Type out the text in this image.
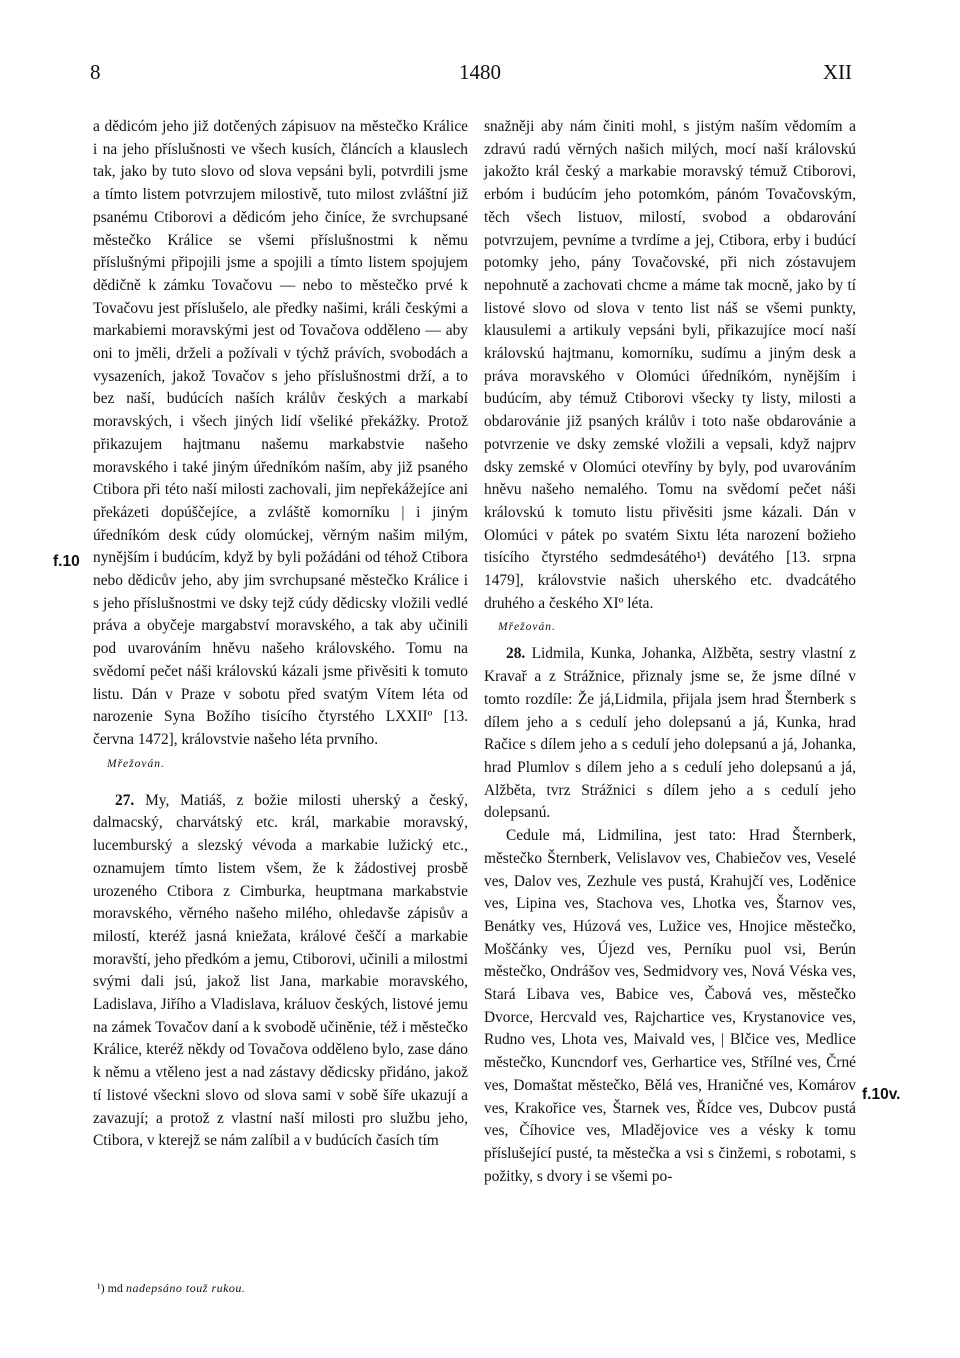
8	1480	XII
f.10
f.10v.

a dědicóm jeho již dotčených zápisuov na městečko Králice i na jeho příslušnosti ve všech kusích, článcích a klauslech tak, jako by tuto slovo od slova vepsáni byli, potvrdili jsme a tímto listem potvrzujem milostivě, tuto milost zvláštní již psanému Ctiborovi a dědicóm jeho činíce, že svrchupsané městečko Králice se všemi příslušnostmi k němu příslušnými připojili jsme a spojili a tímto listem spojujem dědičně k zámku Tovačovu — nebo to městečko prvé k Tovačovu jest příslušelo, ale předky našimi, králi českými a markabiemi moravskými jest od Tovačova odděleno — aby oni to jměli, drželi a požívali v týchž právích, svobodách a vysazeních, jakož Tovačov s jeho příslušnostmi drží, a to bez naší, budúcích naších králův českých a markabí moravských, i všech jiných lidí všeliké překážky. Protož přikazujem hajtmanu našemu markabstvie našeho moravského i také jiným úředníkóm naším, aby již psaného Ctibora při této naší milosti zachovali, jim nepřekážejíce ani překázeti dopúščejíce, a zvláště komorníku | i jiným úředníkóm desk cúdy olomúckej, věrným našim milým, nynějším i budúcím, když by byli požádáni od téhož Ctibora nebo dědicův jeho, aby jim svrchupsané městečko Králice i s jeho příslušnostmi ve dsky tejž cúdy dědicsky vložili vedlé práva a obyčeje margabství moravského, a tak aby učinili pod uvarováním hněvu našeho královského. Tomu na svědomí pečet náši královskú kázali jsme přivěsiti k tomuto listu. Dán v Praze v sobotu před svatým Vítem léta od narozenie Syna Božího tisícího čtyrstého LXXIIº [13. června 1472], královstvie našeho léta prvního.

Mřežován.

27. My, Matiáš, z božie milosti uherský a český, dalmacský, charvátský etc. král, markabie moravský, lucemburský a slezský vévoda a markabie lužický etc., oznamujem tímto listem všem, že k žádostivej prosbě urozeného Ctibora z Cimburka, heuptmana markabstvie moravského, věrného našeho milého, ohledavše zápisův a milostí, kteréž jasná kniežata, králové češčí a markabie moravští, jeho předkóm a jemu, Ctiborovi, učinili a milostmi svými dali jsú, jakož list Jana, markabie moravského, Ladislava, Jiřího a Vladislava, králuov českých, listové jemu na zámek Tovačov daní a k svobodě učiněnie, též i městečko Králice, kteréž někdy od Tovačova odděleno bylo, zase dáno k němu a vtěleno jest a nad zástavy dědicsky přidáno, jakož tí listové všeckni slovo od slova sami v sobě šíře ukazují a zavazují; a protož z vlastní naší milosti pro službu jeho, Ctibora, v kterejž se nám zalíbil a v budúcích časích tím

snažněji aby nám činiti mohl, s jistým naším vědomím a zdravú radú věrných našich milých, mocí naší královskú jakožto král český a markabie moravský témuž Ctiborovi, erbóm i budúcím jeho potomkóm, pánóm Tovačovským, těch všech listuov, milostí, svobod a obdarování potvrzujem, pevníme a tvrdíme a jej, Ctibora, erby i budúcí potomky jeho, pány Tovačovské, při nich zóstavujem nepohnutě a zachovati chcme a máme tak mocně, jako by tí listové slovo od slova v tento list náš se všemi punkty, klausulemi a artikuly vepsáni byli, přikazujíce mocí naší královskú hajtmanu, komorníku, sudímu a jiným desk a práva moravského v Olomúci úředníkóm, nynějším i budúcím, aby témuž Ctiborovi všecky ty listy, milosti a obdarovánie již psaných králův i toto naše obdarovánie a potvrzenie ve dsky zemské vložili a vepsali, když najprv dsky zemské v Olomúci otevříny by byly, pod uvarováním hněvu našeho nemalého. Tomu na svědomí pečet náši královskú k tomuto listu přivěsiti jsme kázali. Dán v Olomúci v pátek po svatém Sixtu léta narození božieho tisícího čtyrstého sedmdesátého¹) devátého [13. srpna 1479], královstvie našich uherského etc. dvadcátého druhého a českého XIº léta.

Mřežován.

28. Lidmila, Kunka, Johanka, Alžběta, sestry vlastní z Kravař a z Strážnice, přiznaly jsme se, že jsme dílné v tomto rozdíle: Že já,Lidmila, přijala jsem hrad Šternberk s dílem jeho a s cedulí jeho dolepsanú a já, Kunka, hrad Račice s dílem jeho a s cedulí jeho dolepsanú a já, Johanka, hrad Plumlov s dílem jeho a s cedulí jeho dolepsanú a já, Alžběta, tvrz Strážnici s dílem jeho a s cedulí jeho dolepsanú.

Cedule má, Lidmilina, jest tato: Hrad Šternberk, městečko Šternberk, Velislavov ves, Chabiečov ves, Veselé ves, Dalov ves, Zezhule ves pustá, Krahujčí ves, Loděnice ves, Lipina ves, Stachova ves, Lhotka ves, Štarnov ves, Benátky ves, Húzová ves, Lužice ves, Hnojice městečko, Moščánky ves, Újezd ves, Perníku puol vsi, Berún městečko, Ondrášov ves, Sedmidvory ves, Nová Véska ves, Stará Libava ves, Babice ves, Čabová ves, městečko Dvorce, Hercvald ves, Rajchartice ves, Krystanovice ves, Rudno ves, Lhota ves, Maivald ves, | Blčice ves, Medlice městečko, Kuncndorf ves, Gerhartice ves, Střílné ves, Črné ves, Domaštat městečko, Bělá ves, Hraničné ves, Komárov ves, Krakořice ves, Štarnek ves, Řídce ves, Dubcov pustá ves, Číhovice ves, Mladějovice ves a vésky k tomu příslušející pusté, ta městečka a vsi s činžemi, s robotami, s požitky, s dvory i se všemi po-

¹) md nadepsáno touž rukou.
